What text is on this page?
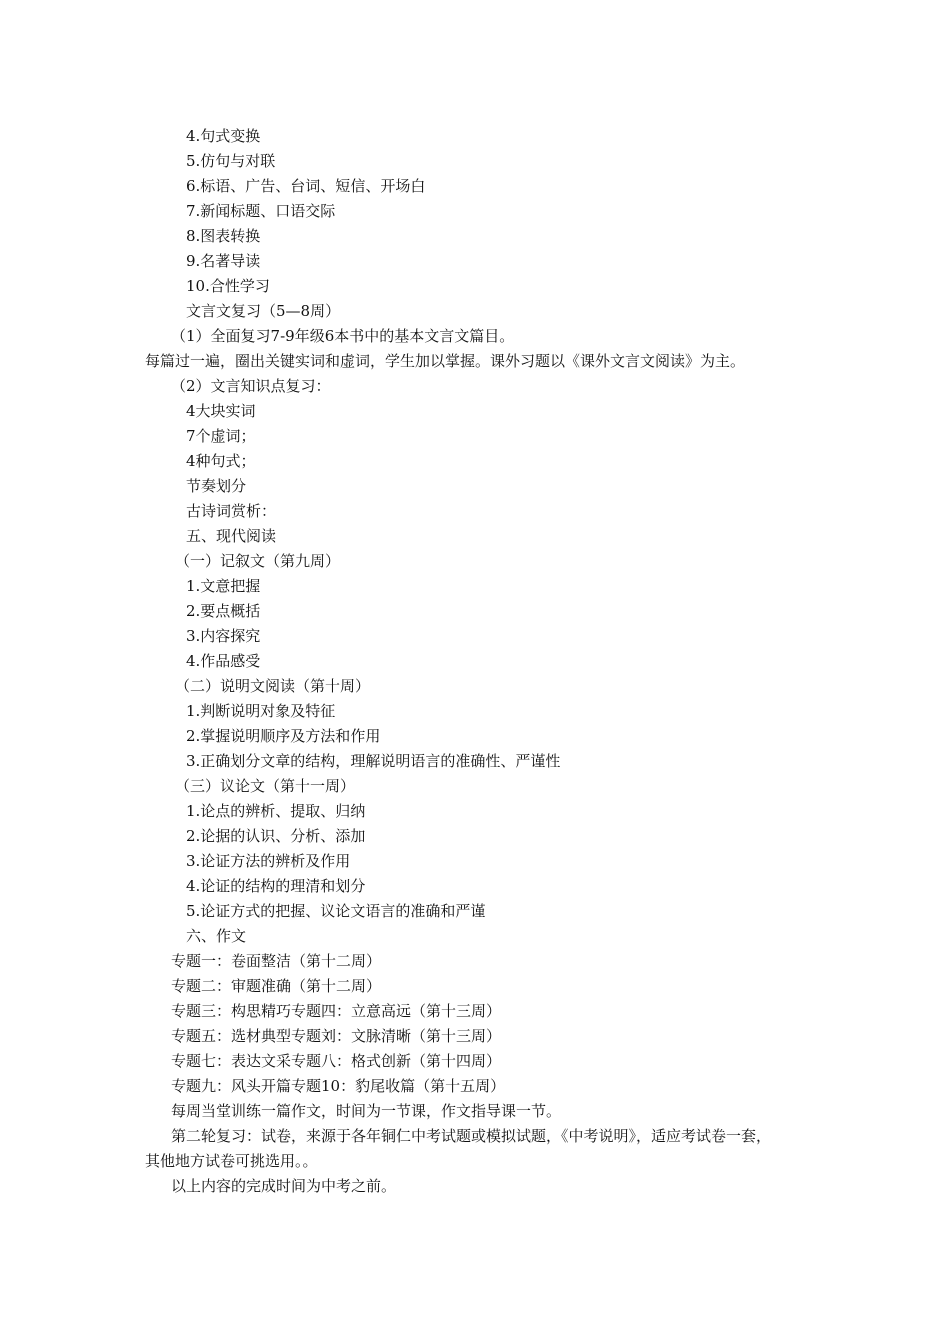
4.句式变换
5.仿句与对联
6.标语、广告、台词、短信、开场白
7.新闻标题、口语交际
8.图表转换
9.名著导读
10.合性学习
文言文复习（5—8周）
（1）全面复习7-9年级6本书中的基本文言文篇目。
每篇过一遍，圈出关键实词和虚词，学生加以掌握。课外习题以《课外文言文阅读》为主。
（2）文言知识点复习：
4大块实词
7个虚词；
4种句式；
节奏划分
古诗词赏析：
五、现代阅读
（一）记叙文（第九周）
1.文意把握
2.要点概括
3.内容探究
4.作品感受
（二）说明文阅读（第十周）
1.判断说明对象及特征
2.掌握说明顺序及方法和作用
3.正确划分文章的结构，理解说明语言的准确性、严谨性
（三）议论文（第十一周）
1.论点的辨析、提取、归纳
2.论据的认识、分析、添加
3.论证方法的辨析及作用
4.论证的结构的理清和划分
5.论证方式的把握、议论文语言的准确和严谨
六、作文
专题一：卷面整洁（第十二周）
专题二：审题准确（第十二周）
专题三：构思精巧专题四：立意高远（第十三周）
专题五：选材典型专题刘：文脉清晰（第十三周）
专题七：表达文采专题八：格式创新（第十四周）
专题九：风头开篇专题10：豹尾收篇（第十五周）
每周当堂训练一篇作文，时间为一节课，作文指导课一节。
第二轮复习：试卷，来源于各年铜仁中考试题或模拟试题，《中考说明》，适应考试卷一套，
其他地方试卷可挑选用。。
以上内容的完成时间为中考之前。
